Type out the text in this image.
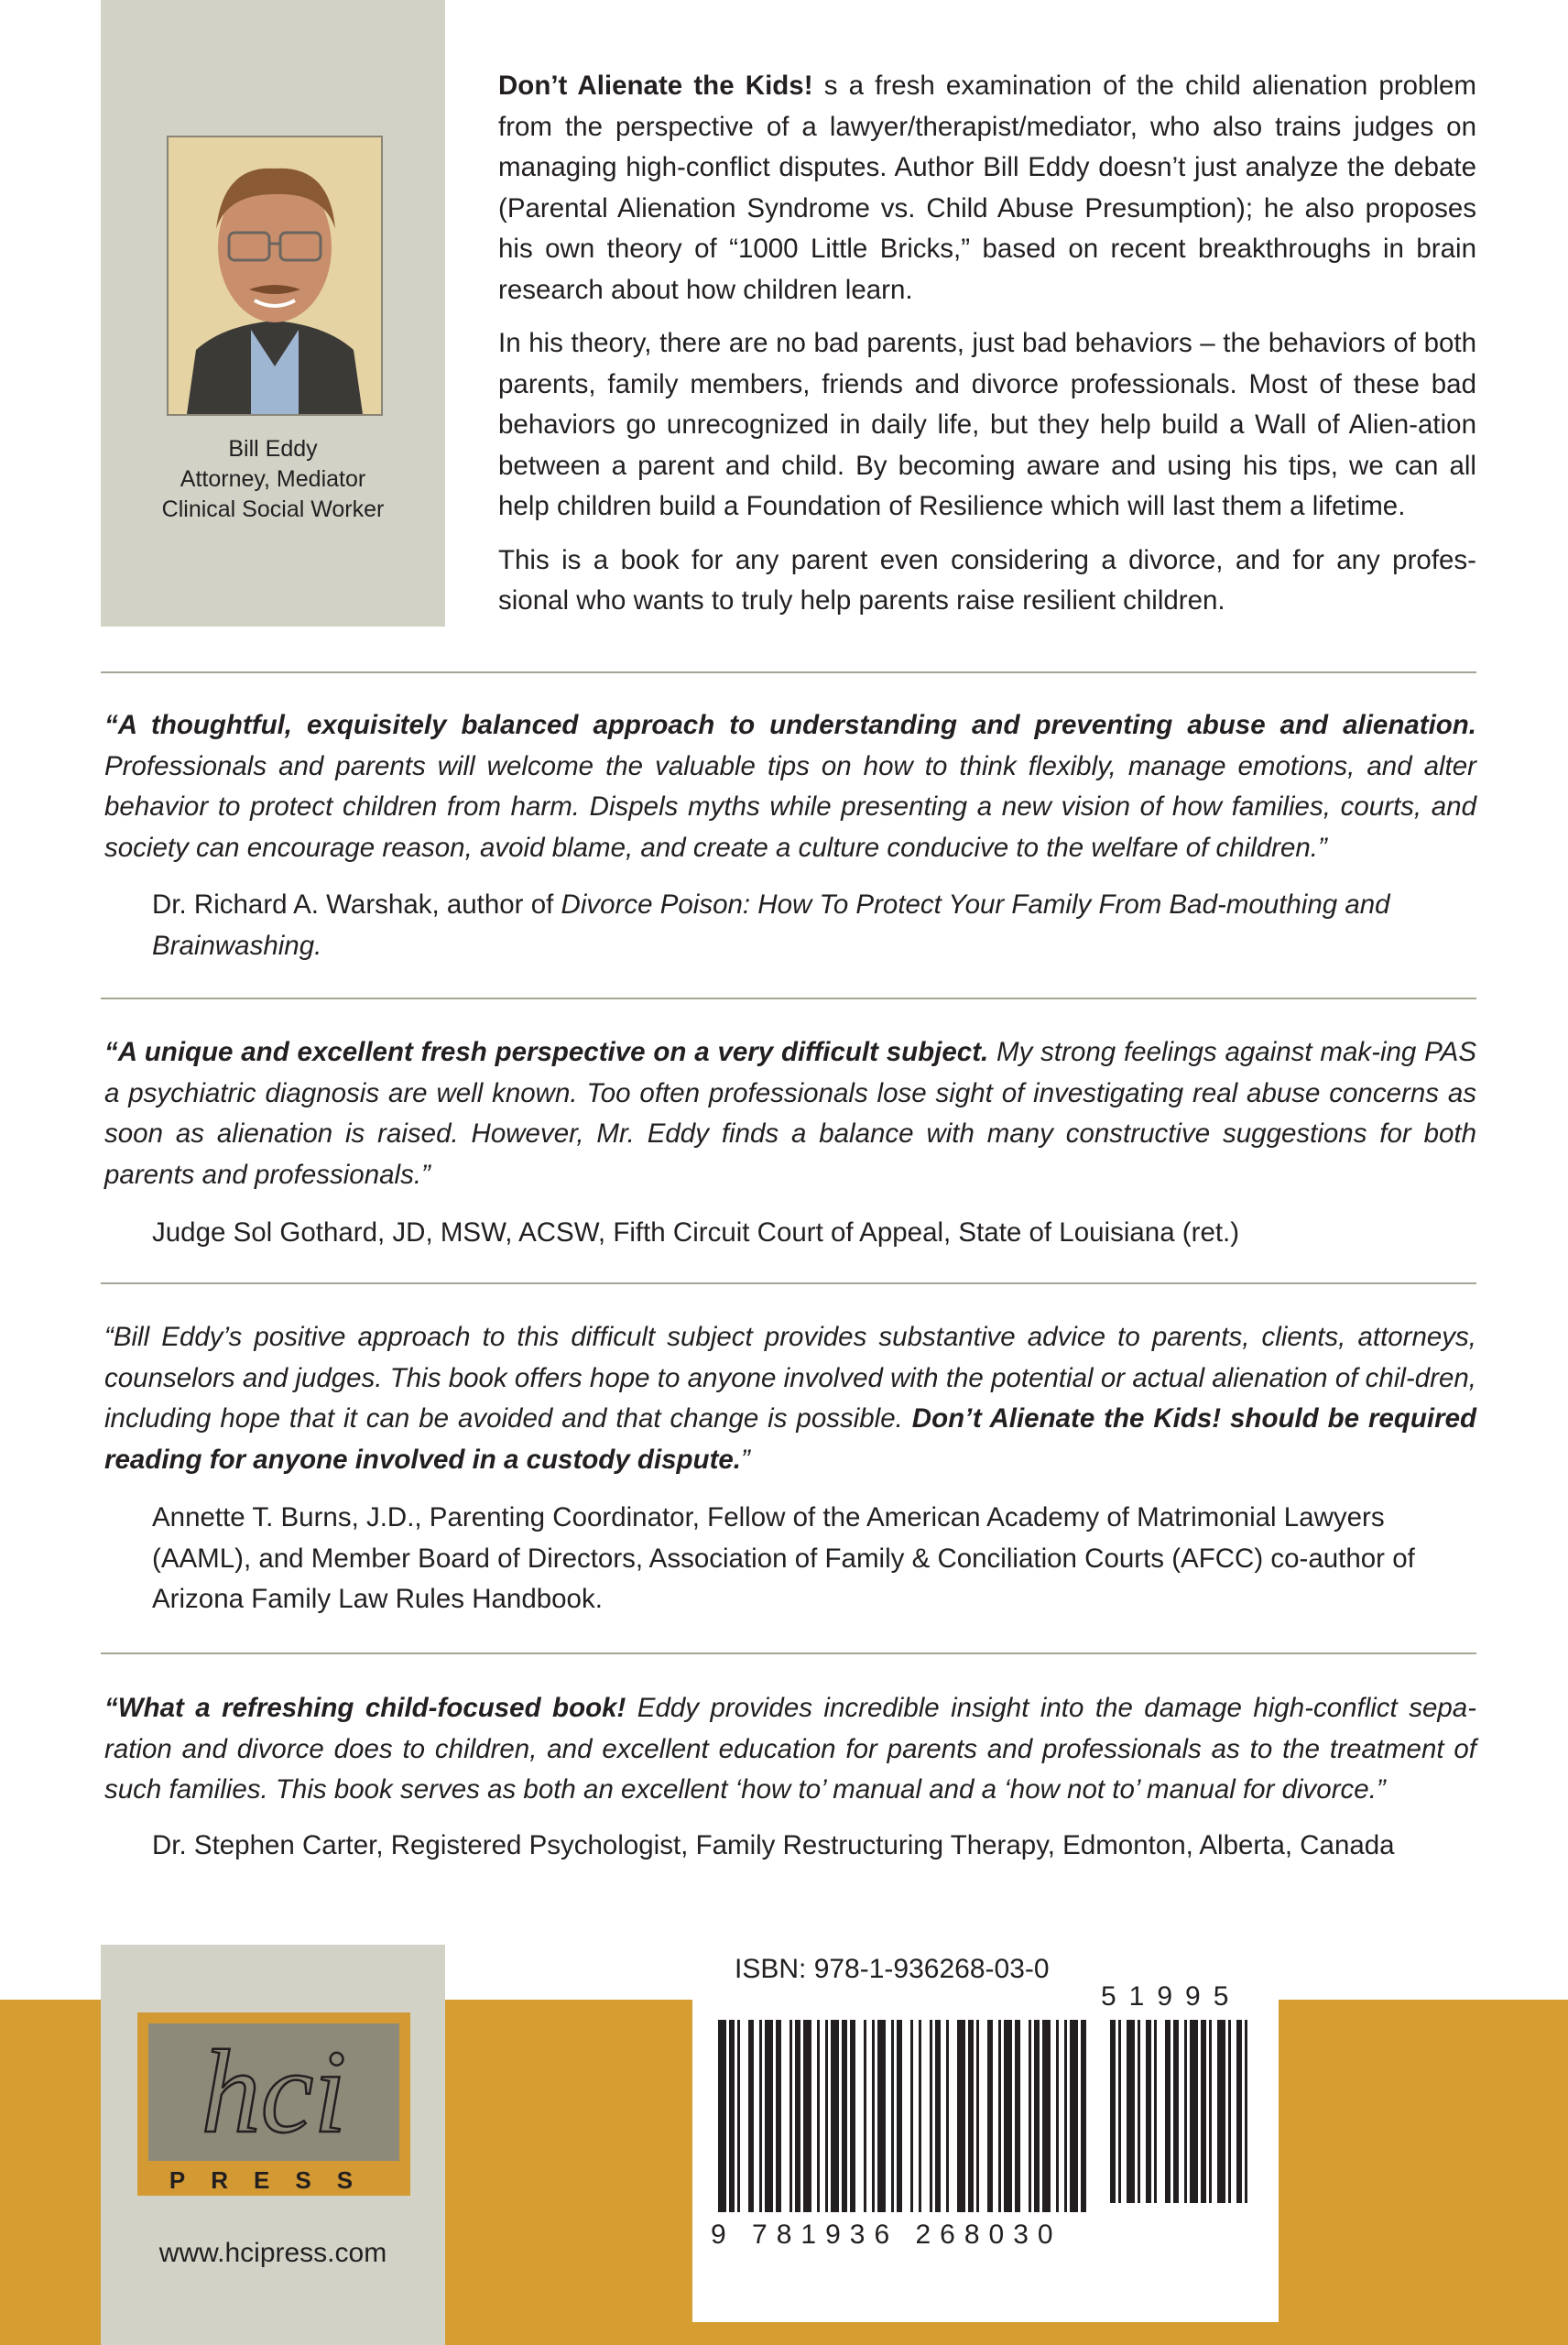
Bill Eddy
Attorney, Mediator
Clinical Social Worker

Don’t Alienate the Kids! s a fresh examination of the child alienation problem from the perspective of a lawyer/therapist/mediator, who also trains judges on managing high-conflict disputes. Author Bill Eddy doesn’t just analyze the debate (Parental Alienation Syndrome vs. Child Abuse Presumption); he also proposes his own theory of “1000 Little Bricks,” based on recent breakthroughs in brain research about how children learn.

In his theory, there are no bad parents, just bad behaviors – the behaviors of both parents, family members, friends and divorce professionals. Most of these bad behaviors go unrecognized in daily life, but they help build a Wall of Alien-ation between a parent and child. By becoming aware and using his tips, we can all help children build a Foundation of Resilience which will last them a lifetime.

This is a book for any parent even considering a divorce, and for any profes-sional who wants to truly help parents raise resilient children.

“A thoughtful, exquisitely balanced approach to understanding and preventing abuse and alienation. Professionals and parents will welcome the valuable tips on how to think flexibly, manage emotions, and alter behavior to protect children from harm. Dispels myths while presenting a new vision of how families, courts, and society can encourage reason, avoid blame, and create a culture conducive to the welfare of children.”
Dr. Richard A. Warshak, author of Divorce Poison: How To Protect Your Family From Bad-mouthing and Brainwashing.
“A unique and excellent fresh perspective on a very difficult subject. My strong feelings against mak-ing PAS a psychiatric diagnosis are well known. Too often professionals lose sight of investigating real abuse concerns as soon as alienation is raised. However, Mr. Eddy finds a balance with many constructive suggestions for both parents and professionals.”
Judge Sol Gothard, JD, MSW, ACSW, Fifth Circuit Court of Appeal, State of Louisiana (ret.)
“Bill Eddy’s positive approach to this difficult subject provides substantive advice to parents, clients, attorneys, counselors and judges. This book offers hope to anyone involved with the potential or actual alienation of chil-dren, including hope that it can be avoided and that change is possible. Don’t Alienate the Kids! should be required reading for anyone involved in a custody dispute.”
Annette T. Burns, J.D., Parenting Coordinator, Fellow of the American Academy of Matrimonial Lawyers (AAML), and Member Board of Directors, Association of Family & Conciliation Courts (AFCC) co-author of Arizona Family Law Rules Handbook.
“What a refreshing child-focused book! Eddy provides incredible insight into the damage high-conflict sepa-ration and divorce does to children, and excellent education for parents and professionals as to the treatment of such families. This book serves as both an excellent ‘how to’ manual and a ‘how not to’ manual for divorce.”
Dr. Stephen Carter, Registered Psychologist, Family Restructuring Therapy, Edmonton, Alberta, Canada
hci
PRESS
www.hcipress.com
ISBN: 978-1-936268-03-0
51995
9 781936 268030
